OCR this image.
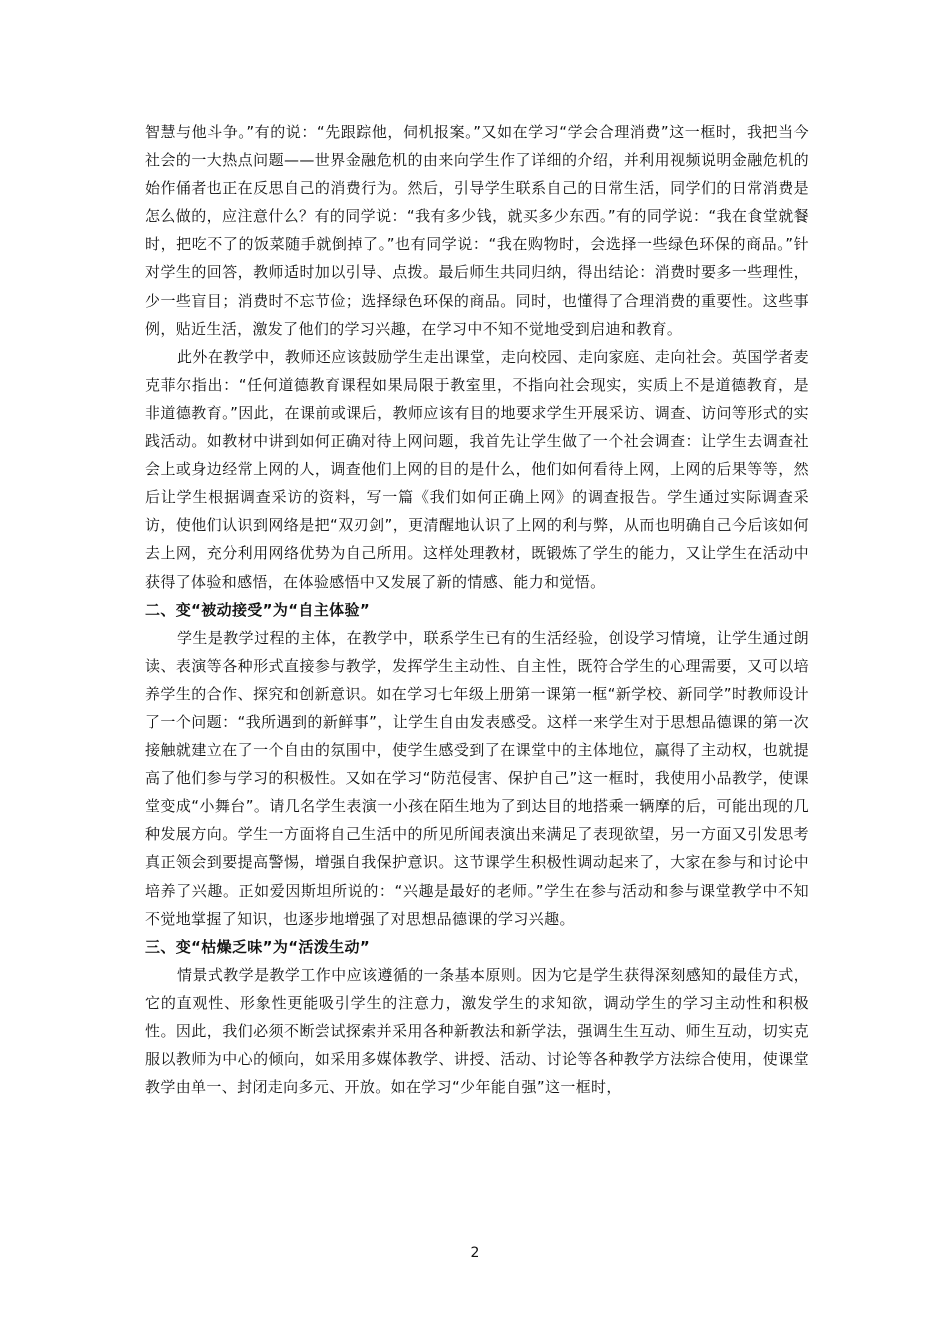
智慧与他斗争。”有的说：“先跟踪他，伺机报案。”又如在学习“学会合理消费”这一框时，我把当今社会的一大热点问题——世界金融危机的由来向学生作了详细的介绍，并利用视频说明金融危机的始作俑者也正在反思自己的消费行为。然后，引导学生联系自己的日常生活，同学们的日常消费是怎么做的，应注意什么？有的同学说：“我有多少钱，就买多少东西。”有的同学说：“我在食堂就餐时，把吃不了的饭菜随手就倒掉了。”也有同学说：“我在购物时，会选择一些绿色环保的商品。”针对学生的回答，教师适时加以引导、点拨。最后师生共同归纳，得出结论：消费时要多一些理性，少一些盲目；消费时不忘节俭；选择绿色环保的商品。同时，也懂得了合理消费的重要性。这些事例，贴近生活，激发了他们的学习兴趣，在学习中不知不觉地受到启迪和教育。

此外在教学中，教师还应该鼓励学生走出课堂，走向校园、走向家庭、走向社会。英国学者麦克菲尔指出：“任何道德教育课程如果局限于教室里，不指向社会现实，实质上不是道德教育，是非道德教育。”因此，在课前或课后，教师应该有目的地要求学生开展采访、调查、访问等形式的实践活动。如教材中讲到如何正确对待上网问题，我首先让学生做了一个社会调查：让学生去调查社会上或身边经常上网的人，调查他们上网的目的是什么，他们如何看待上网，上网的后果等等，然后让学生根据调查采访的资料，写一篇《我们如何正确上网》的调查报告。学生通过实际调查采访，使他们认识到网络是把“双刃剑”，更清醒地认识了上网的利与弊，从而也明确自己今后该如何去上网，充分利用网络优势为自己所用。这样处理教材，既锻炼了学生的能力，又让学生在活动中获得了体验和感悟，在体验感悟中又发展了新的情感、能力和觉悟。

二、变“被动接受”为“自主体验”

学生是教学过程的主体，在教学中，联系学生已有的生活经验，创设学习情境，让学生通过朗读、表演等各种形式直接参与教学，发挥学生主动性、自主性，既符合学生的心理需要，又可以培养学生的合作、探究和创新意识。如在学习七年级上册第一课第一框“新学校、新同学”时教师设计了一个问题：“我所遇到的新鲜事”，让学生自由发表感受。这样一来学生对于思想品德课的第一次接触就建立在了一个自由的氛围中，使学生感受到了在课堂中的主体地位，赢得了主动权，也就提高了他们参与学习的积极性。又如在学习“防范侵害、保护自己”这一框时，我使用小品教学，使课堂变成“小舞台”。请几名学生表演一小孩在陌生地为了到达目的地搭乘一辆摩的后，可能出现的几种发展方向。学生一方面将自己生活中的所见所闻表演出来满足了表现欲望，另一方面又引发思考真正领会到要提高警惕，增强自我保护意识。这节课学生积极性调动起来了，大家在参与和讨论中培养了兴趣。正如爱因斯坦所说的：“兴趣是最好的老师。”学生在参与活动和参与课堂教学中不知不觉地掌握了知识，也逐步地增强了对思想品德课的学习兴趣。

三、变“枯燥乏味”为“活泼生动”

情景式教学是教学工作中应该遵循的一条基本原则。因为它是学生获得深刻感知的最佳方式，它的直观性、形象性更能吸引学生的注意力，激发学生的求知欲，调动学生的学习主动性和积极性。因此，我们必须不断尝试探索并采用各种新教法和新学法，强调生生互动、师生互动，切实克服以教师为中心的倾向，如采用多媒体教学、讲授、活动、讨论等各种教学方法综合使用，使课堂教学由单一、封闭走向多元、开放。如在学习“少年能自强”这一框时，

2
